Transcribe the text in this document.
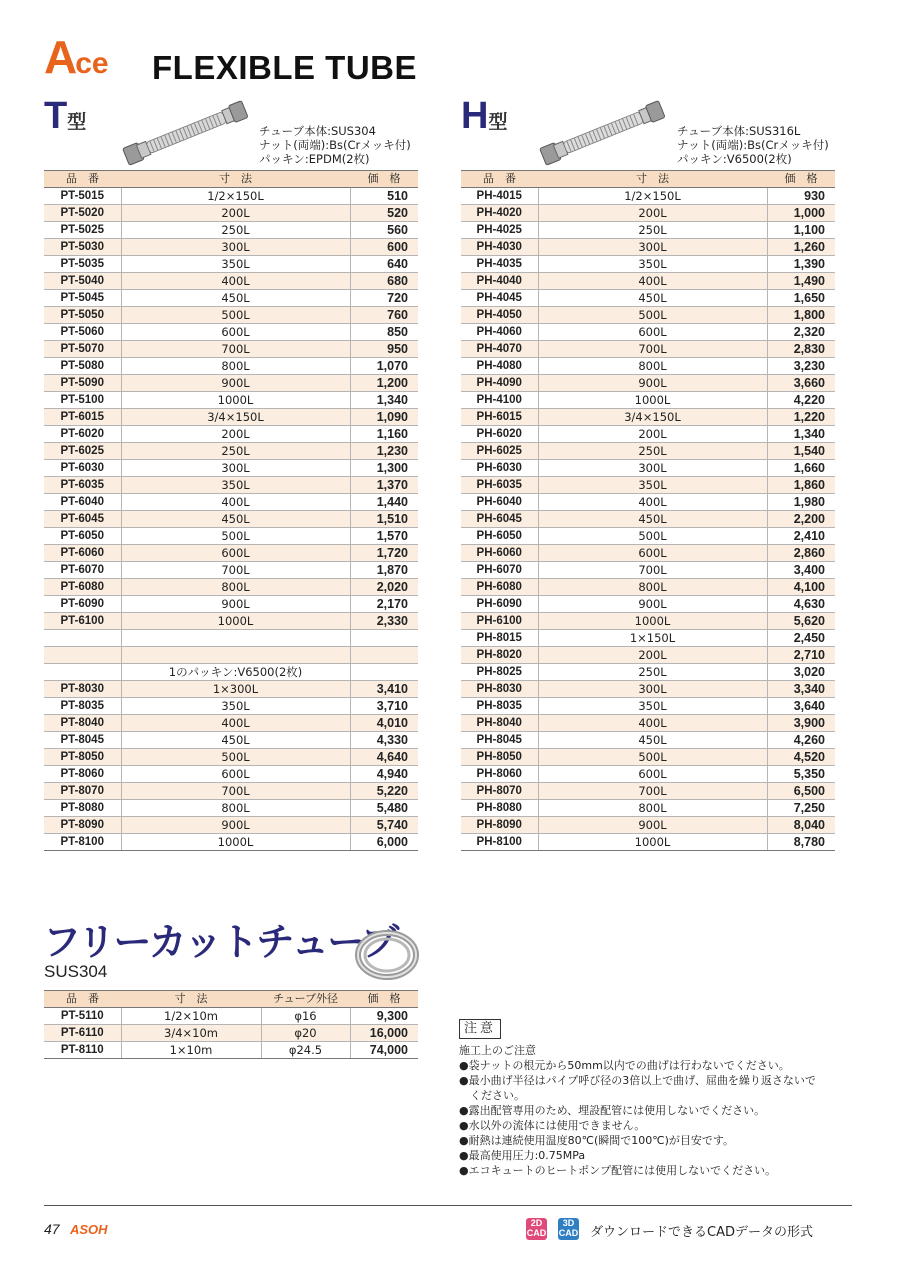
Ace FLEXIBLE TUBE
T型	チューブ本体:SUS304
ナット(両端):Bs(Crメッキ付)
パッキン:EPDM(2枚)
H型	チューブ本体:SUS316L
ナット(両端):Bs(Crメッキ付)
パッキン:V6500(2枚)
品　番	寸　法	価　格
PT-5015	1/2×150L	510
PT-5020	200L	520
PT-5025	250L	560
PT-5030	300L	600
PT-5035	350L	640
PT-5040	400L	680
PT-5045	450L	720
PT-5050	500L	760
PT-5060	600L	850
PT-5070	700L	950
PT-5080	800L	1,070
PT-5090	900L	1,200
PT-5100	1000L	1,340
PT-6015	3/4×150L	1,090
PT-6020	200L	1,160
PT-6025	250L	1,230
PT-6030	300L	1,300
PT-6035	350L	1,370
PT-6040	400L	1,440
PT-6045	450L	1,510
PT-6050	500L	1,570
PT-6060	600L	1,720
PT-6070	700L	1,870
PT-6080	800L	2,020
PT-6090	900L	2,170
PT-6100	1000L	2,330

	1のパッキン:V6500(2枚)	
PT-8030	1×300L	3,410
PT-8035	350L	3,710
PT-8040	400L	4,010
PT-8045	450L	4,330
PT-8050	500L	4,640
PT-8060	600L	4,940
PT-8070	700L	5,220
PT-8080	800L	5,480
PT-8090	900L	5,740
PT-8100	1000L	6,000
品　番	寸　法	価　格
PH-4015	1/2×150L	930
PH-4020	200L	1,000
PH-4025	250L	1,100
PH-4030	300L	1,260
PH-4035	350L	1,390
PH-4040	400L	1,490
PH-4045	450L	1,650
PH-4050	500L	1,800
PH-4060	600L	2,320
PH-4070	700L	2,830
PH-4080	800L	3,230
PH-4090	900L	3,660
PH-4100	1000L	4,220
PH-6015	3/4×150L	1,220
PH-6020	200L	1,340
PH-6025	250L	1,540
PH-6030	300L	1,660
PH-6035	350L	1,860
PH-6040	400L	1,980
PH-6045	450L	2,200
PH-6050	500L	2,410
PH-6060	600L	2,860
PH-6070	700L	3,400
PH-6080	800L	4,100
PH-6090	900L	4,630
PH-6100	1000L	5,620
PH-8015	1×150L	2,450
PH-8020	200L	2,710
PH-8025	250L	3,020
PH-8030	300L	3,340
PH-8035	350L	3,640
PH-8040	400L	3,900
PH-8045	450L	4,260
PH-8050	500L	4,520
PH-8060	600L	5,350
PH-8070	700L	6,500
PH-8080	800L	7,250
PH-8090	900L	8,040
PH-8100	1000L	8,780
フリーカットチューブ
SUS304
品　番	寸　法	チューブ外径	価　格
PT-5110	1/2×10m	φ16	9,300
PT-6110	3/4×10m	φ20	16,000
PT-8110	1×10m	φ24.5	74,000
注意
施工上のご注意
●袋ナットの根元から50mm以内での曲げは行わないでください。
●最小曲げ半径はパイプ呼び径の3倍以上で曲げ、屈曲を繰り返さないで
　ください。
●露出配管専用のため、埋設配管には使用しないでください。
●水以外の流体には使用できません。
●耐熱は連続使用温度80℃(瞬間で100℃)が目安です。
●最高使用圧力:0.75MPa
●エコキュートのヒートポンプ配管には使用しないでください。
47 ASOH	2D
CAD
3D
CAD ダウンロードできるCADデータの形式
